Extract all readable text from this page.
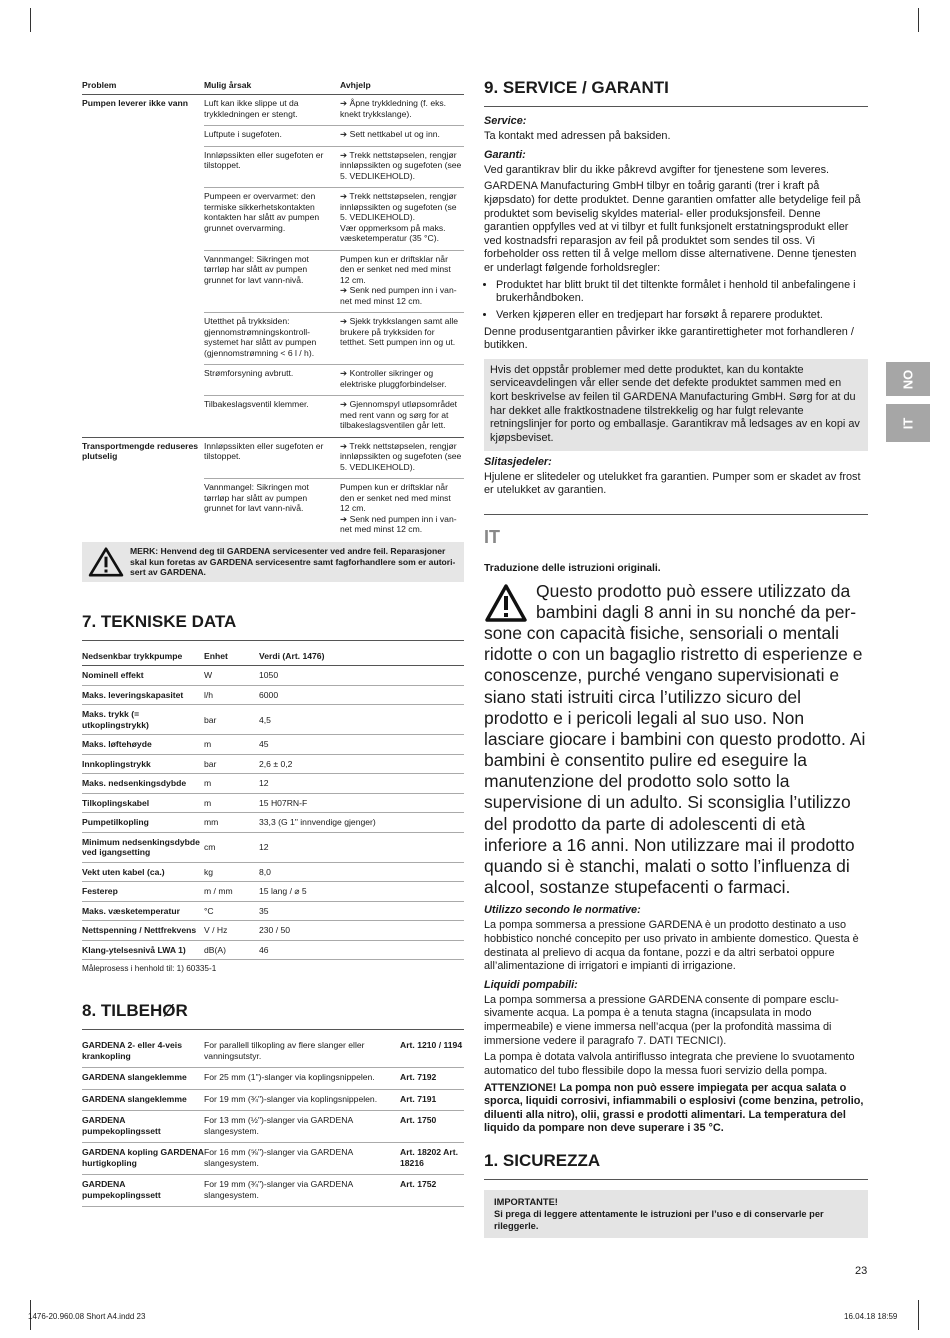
Problem	Mulig årsak	Avhjelp
Pumpen leverer ikke vann	Luft kan ikke slippe ut da trykkledningen er stengt.	➔ Åpne trykkledning (f. eks. knekt trykkslange).

	Luftpute i sugefoten.	➔ Sett nettkabel ut og inn.

	Innløpssikten eller sugefoten er tilstoppet.	➔ Trekk nettstøpselen, rengjør innløpssikten og sugefoten (see 5. VEDLIKEHOLD).

	Pumpeen er overvarmet: den termiske sikkerhetskontakten kontakten har slått av pumpen grunnet overvarming.	➔ Trekk nettstøpselen, rengjør innløpssikten og sugefoten (se 5. VEDLIKEHOLD).
Vær oppmerksom på maks. væsketemperatur (35 °C).

	Vannmangel: Sikringen mot tørrløp har slått av pumpen grunnet for lavt vann-nivå.	Pumpen kun er driftsklar når den er senket ned med minst 12 cm.
➔ Senk ned pumpen inn i vannet med minst 12 cm.

	Utetthet på trykksiden: gjennomstrømningskontrollsystemet har slått av pumpen (gjennomstrømning < 6 l / h).	➔ Sjekk trykkslangen samt alle brukere på trykksiden for tetthet. Sett pumpen inn og ut.

	Strømforsyning avbrutt.	➔ Kontroller sikringer og elektriske pluggforbindelser.

	Tilbakeslagsventil klemmer.	➔ Gjennomspyl utløpsområdet med rent vann og sørg for at tilbakeslagsventilen går lett.

Transportmengde reduseres plutselig	Innløpssikten eller sugefoten er tilstoppet.	➔ Trekk nettstøpselen, rengjør innløpssikten og sugefoten (see 5. VEDLIKEHOLD).

	Vannmangel: Sikringen mot tørrløp har slått av pumpen grunnet for lavt vann-nivå.	Pumpen kun er driftsklar når den er senket ned med minst 12 cm.
➔ Senk ned pumpen inn i vannet med minst 12 cm.
MERK: Henvend deg til GARDENA servicesenter ved andre feil. Reparasjoner skal kun foretas av GARDENA servicesentre samt fagforhandlere som er autorisert av GARDENA.
7. TEKNISKE DATA
Nedsenkbar trykkpumpe	Enhet	Verdi (Art. 1476)
Nominell effekt	W	1050
Maks. leveringskapasitet	l/h	6000
Maks. trykk (= utkoplingstrykk)	bar	4,5
Maks. løftehøyde	m	45
Innkoplingstrykk	bar	2,6 ± 0,2
Maks. nedsenkingsdybde	m	12
Tilkoplingskabel	m	15 H07RN-F
Pumpetilkopling	mm	33,3 (G 1" innvendige gjenger)
Minimum nedsenkingsdybde ved igangsetting	cm	12
Vekt uten kabel (ca.)	kg	8,0
Festerep	m / mm	15 lang / ⌀ 5
Maks. væsketemperatur	°C	35
Nettspenning / Nettfrekvens	V / Hz	230 / 50
Klang-ytelsesnivå LWA 1)	dB(A)	46
Måleprosess i henhold til: 1) 60335-1
8. TILBEHØR
GARDENA 2- eller 4-veis krankopling	For parallell tilkopling av flere slanger eller vanningsutstyr.	Art. 1210 / 1194
GARDENA slangeklemme	For 25 mm (1")-slanger via koplingsnippelen.	Art. 7192
GARDENA slangeklemme	For 19 mm (¾")-slanger via koplingsnippelen.	Art. 7191
GARDENA pumpekoplingssett	For 13 mm (½")-slanger via GARDENA slangesystem.	Art. 1750
GARDENA kopling GARDENA hurtigkopling	For 16 mm (⅝")-slanger via GARDENA slangesystem.	Art. 18202 Art. 18216
GARDENA pumpekoplingssett	For 19 mm (¾")-slanger via GARDENA slangesystem.	Art. 1752
9. SERVICE / GARANTI
Service:

Ta kontakt med adressen på baksiden.

Garanti:

Ved garantikrav blir du ikke påkrevd avgifter for tjenestene som leveres.

GARDENA Manufacturing GmbH tilbyr en toårig garanti (trer i kraft på kjøpsdato) for dette produktet. Denne garantien omfatter alle betydelige feil på produktet som beviselig skyldes material- eller produksjonsfeil. Denne garantien oppfylles ved at vi tilbyr et fullt funksjonelt erstatningsprodukt eller ved kostnadsfri reparasjon av feil på produktet som sendes til oss. Vi forbeholder oss retten til å velge mellom disse alternativene. Denne tjenesten er underlagt følgende forholdsregler:

• Produktet har blitt brukt til det tiltenkte formålet i henhold til anbefalingene i brukerhåndboken.
• Verken kjøperen eller en tredjepart har forsøkt å reparere produktet.

Denne produsentgarantien påvirker ikke garantirettigheter mot forhandleren / butikken.

Hvis det oppstår problemer med dette produktet, kan du kontakte serviceavdelingen vår eller sende det defekte produktet sammen med en kort beskrivelse av feilen til GARDENA Manufacturing GmbH. Sørg for at du har dekket alle fraktkostnadene tilstrekkelig og har fulgt relevante retningslinjer for porto og emballasje. Garantikrav må ledsages av en kopi av kjøpsbeviset.
Slitasjedeler:

Hjulene er slitedeler og utelukket fra garantien. Pumper som er skadet av frost er utelukket av garantien.

IT

Traduzione delle istruzioni originali.

Questo prodotto può essere utilizzato da bambini dagli 8 anni in su nonché da persone con capacità fisiche, sensoriali o mentali ridotte o con un bagaglio ristretto di esperienze e conoscenze, purché vengano supervisionati e siano stati istruiti circa l’utilizzo sicuro del prodotto e i pericoli legali al suo uso. Non lasciare giocare i bambini con questo prodotto. Ai bambini è consentito pulire ed eseguire la manutenzione del prodotto solo sotto la supervisione di un adulto. Si sconsiglia l’utilizzo del prodotto da parte di adolescenti di età inferiore a 16 anni. Non utilizzare mai il prodotto quando si è stanchi, malati o sotto l’influenza di alcool, sostanze stupefacenti o farmaci.
Utilizzo secondo le normative:

La pompa sommersa a pressione GARDENA è un prodotto destinato a uso hobbistico nonché concepito per uso privato in ambiente domestico. Questa è destinata al prelievo di acqua da fontane, pozzi e da altri serbatoi oppure all’alimentazione di irrigatori e impianti di irrigazione.

Liquidi pompabili:

La pompa sommersa a pressione GARDENA consente di pompare esclusivamente acqua. La pompa è a tenuta stagna (incapsulata in modo impermeabile) e viene immersa nell’acqua (per la profondità massima di immersione vedere il paragrafo 7. DATI TECNICI).

La pompa è dotata valvola antiriflusso integrata che previene lo svuotamento automatico del tubo flessibile dopo la messa fuori servizio della pompa.

ATTENZIONE! La pompa non può essere impiegata per acqua salata o sporca, liquidi corrosivi, infiammabili o esplosivi (come benzina, petrolio, diluenti alla nitro), olii, grassi e prodotti alimentari. La temperatura del liquido da pompare non deve superare i 35 °C.

1. SICUREZZA
IMPORTANTE!
Si prega di leggere attentamente le istruzioni per l’uso e di conservarle per rileggerle.
NO
IT
23
1476-20.960.08 Short A4.indd 23	16.04.18 18:59
